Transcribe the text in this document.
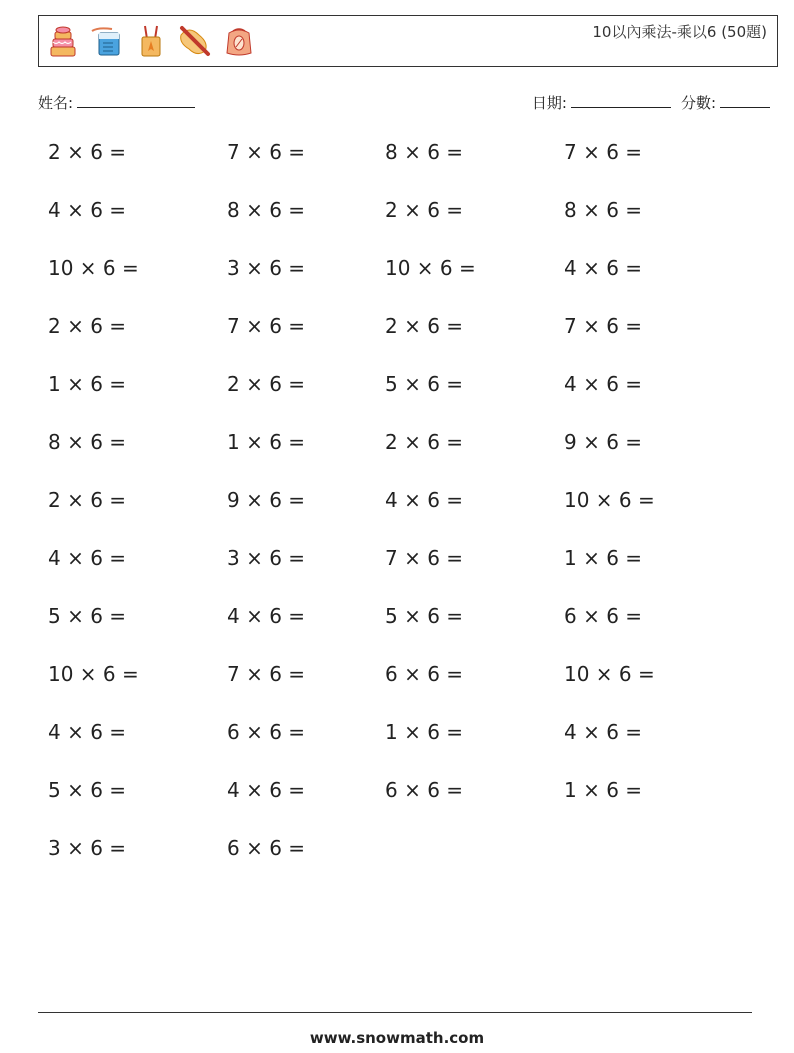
10以內乘法-乘以6 (50題)
姓名:	日期:	分數:
2 × 6 =	7 × 6 =	8 × 6 =	7 × 6 =
4 × 6 =	8 × 6 =	2 × 6 =	8 × 6 =
10 × 6 =	3 × 6 =	10 × 6 =	4 × 6 =
2 × 6 =	7 × 6 =	2 × 6 =	7 × 6 =
1 × 6 =	2 × 6 =	5 × 6 =	4 × 6 =
8 × 6 =	1 × 6 =	2 × 6 =	9 × 6 =
2 × 6 =	9 × 6 =	4 × 6 =	10 × 6 =
4 × 6 =	3 × 6 =	7 × 6 =	1 × 6 =
5 × 6 =	4 × 6 =	5 × 6 =	6 × 6 =
10 × 6 =	7 × 6 =	6 × 6 =	10 × 6 =
4 × 6 =	6 × 6 =	1 × 6 =	4 × 6 =
5 × 6 =	4 × 6 =	6 × 6 =	1 × 6 =
3 × 6 =	6 × 6 =
www.snowmath.com
